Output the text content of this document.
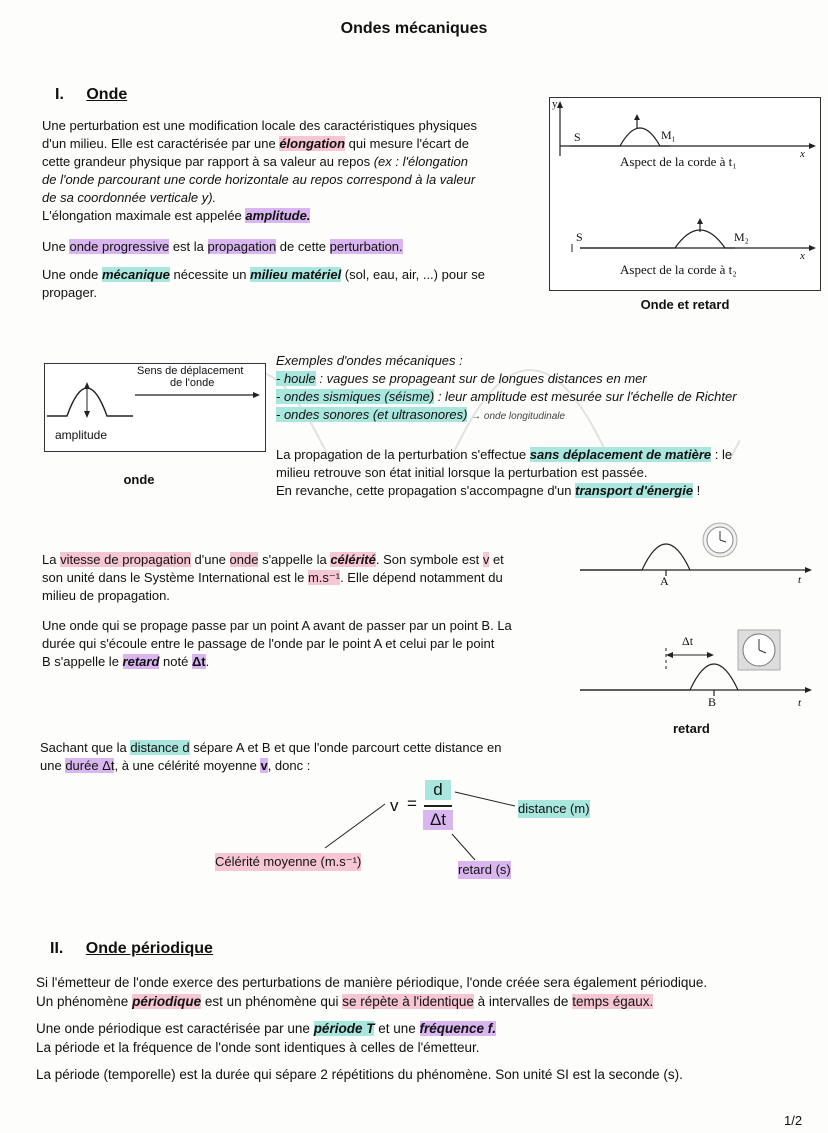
Ondes mécaniques
I. Onde
Une perturbation est une modification locale des caractéristiques physiques
d'un milieu. Elle est caractérisée par une élongation qui mesure l'écart de
cette grandeur physique par rapport à sa valeur au repos (ex : l'élongation
de l'onde parcourant une corde horizontale au repos correspond à la valeur
de sa coordonnée verticale y).
L'élongation maximale est appelée amplitude.
Une onde progressive est la propagation de cette perturbation.
Une onde mécanique nécessite un milieu matériel (sol, eau, air, ...) pour se
propager.
y
x
S	M₁
Aspect de la corde à t₁
S	M₂
x
Aspect de la corde à t₂
Onde et retard
Sens de déplacement
de l'onde
amplitude
onde
Exemples d'ondes mécaniques :
- houle : vagues se propageant sur de longues distances en mer
- ondes sismiques (séisme) : leur amplitude est mesurée sur l'échelle de Richter
- ondes sonores (et ultrasonores) → onde longitudinale
La propagation de la perturbation s'effectue sans déplacement de matière : le
milieu retrouve son état initial lorsque la perturbation est passée.
En revanche, cette propagation s'accompagne d'un transport d'énergie !
La vitesse de propagation d'une onde s'appelle la célérité. Son symbole est v et
son unité dans le Système International est le m.s⁻¹. Elle dépend notamment du
milieu de propagation.
Une onde qui se propage passe par un point A avant de passer par un point B. La
durée qui s'écoule entre le passage de l'onde par le point A et celui par le point
B s'appelle le retard noté Δt.
A	t
Δt
B	t
retard
Sachant que la distance d sépare A et B et que l'onde parcourt cette distance en
une durée Δt, à une célérité moyenne v, donc :
v =
d
Δt
distance (m)
Célérité moyenne (m.s⁻¹)
retard (s)
II. Onde périodique
Si l'émetteur de l'onde exerce des perturbations de manière périodique, l'onde créée sera également périodique.
Un phénomène périodique est un phénomène qui se répète à l'identique à intervalles de temps égaux.
Une onde périodique est caractérisée par une période T et une fréquence f.
La période et la fréquence de l'onde sont identiques à celles de l'émetteur.
La période (temporelle) est la durée qui sépare 2 répétitions du phénomène. Son unité SI est la seconde (s).
1/2
